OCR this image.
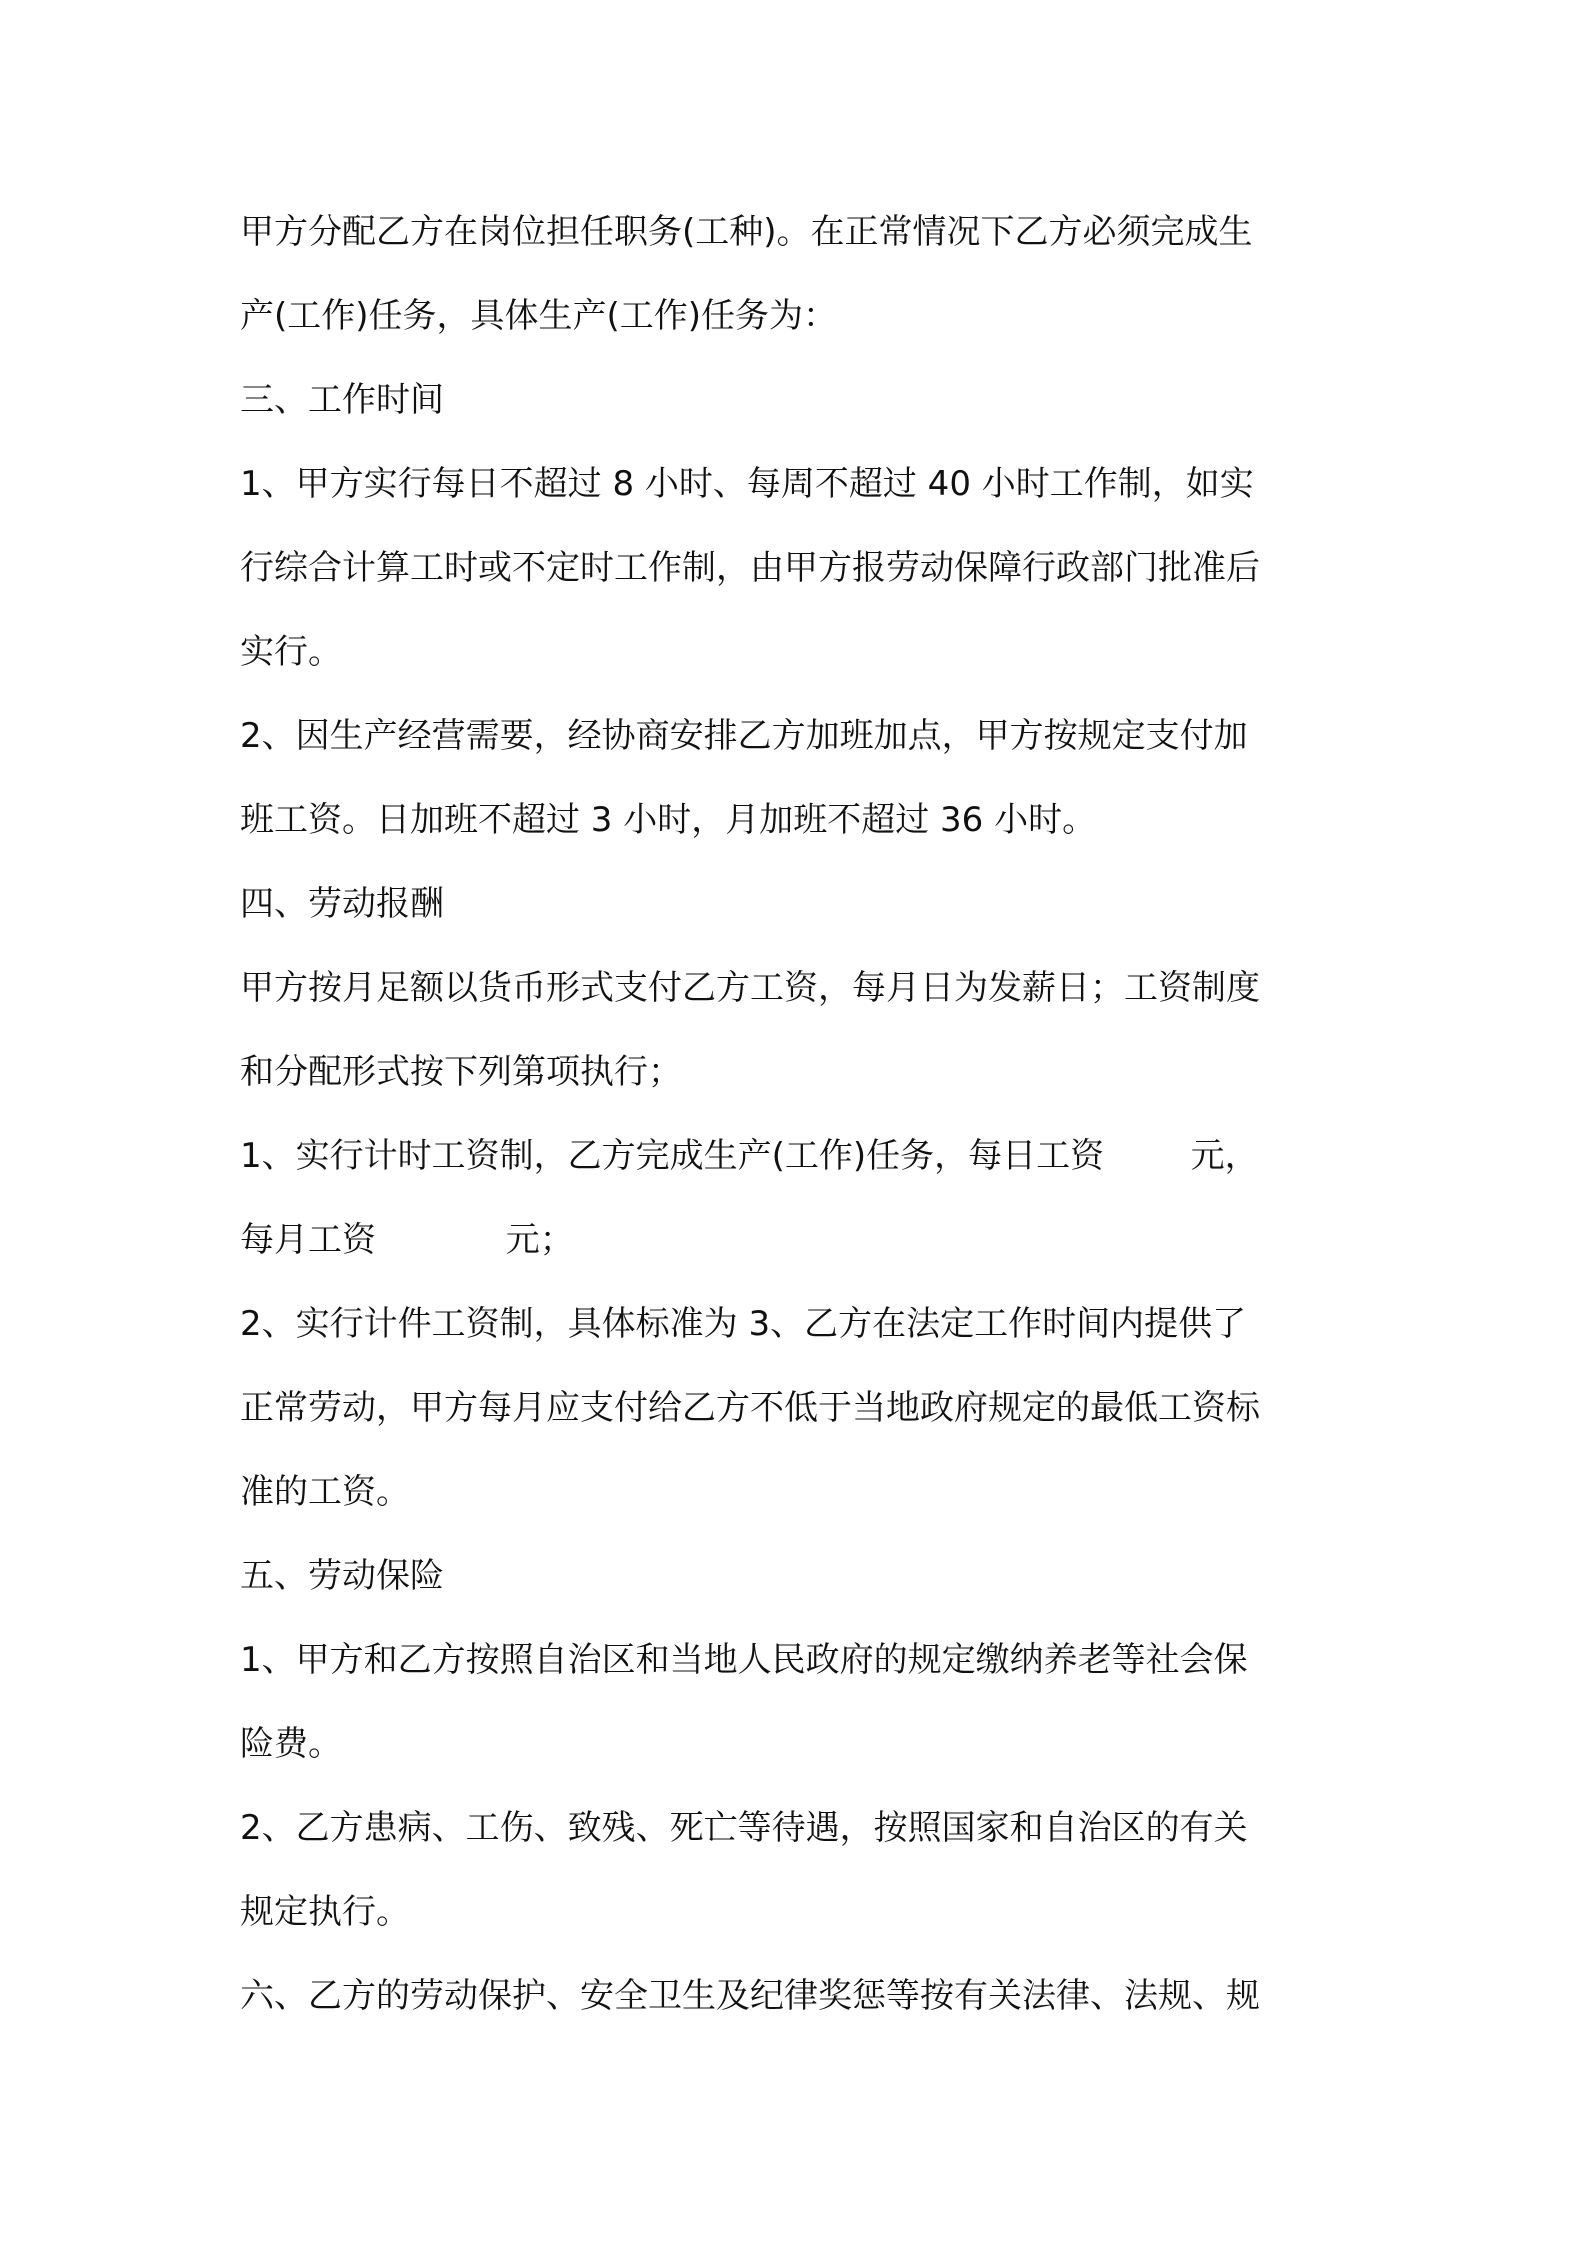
甲方分配乙方在岗位担任职务(工种)。在正常情况下乙方必须完成生
产(工作)任务，具体生产(工作)任务为：
三、工作时间
1、甲方实行每日不超过 8 小时、每周不超过 40 小时工作制，如实
行综合计算工时或不定时工作制，由甲方报劳动保障行政部门批准后
实行。
2、因生产经营需要，经协商安排乙方加班加点，甲方按规定支付加
班工资。日加班不超过 3 小时，月加班不超过 36 小时。
四、劳动报酬
甲方按月足额以货币形式支付乙方工资，每月日为发薪日；工资制度
和分配形式按下列第项执行；
1、实行计时工资制，乙方完成生产(工作)任务，每日工资        元，
每月工资            元；
2、实行计件工资制，具体标准为 3、乙方在法定工作时间内提供了
正常劳动，甲方每月应支付给乙方不低于当地政府规定的最低工资标
准的工资。
五、劳动保险
1、甲方和乙方按照自治区和当地人民政府的规定缴纳养老等社会保
险费。
2、乙方患病、工伤、致残、死亡等待遇，按照国家和自治区的有关
规定执行。
六、乙方的劳动保护、安全卫生及纪律奖惩等按有关法律、法规、规
